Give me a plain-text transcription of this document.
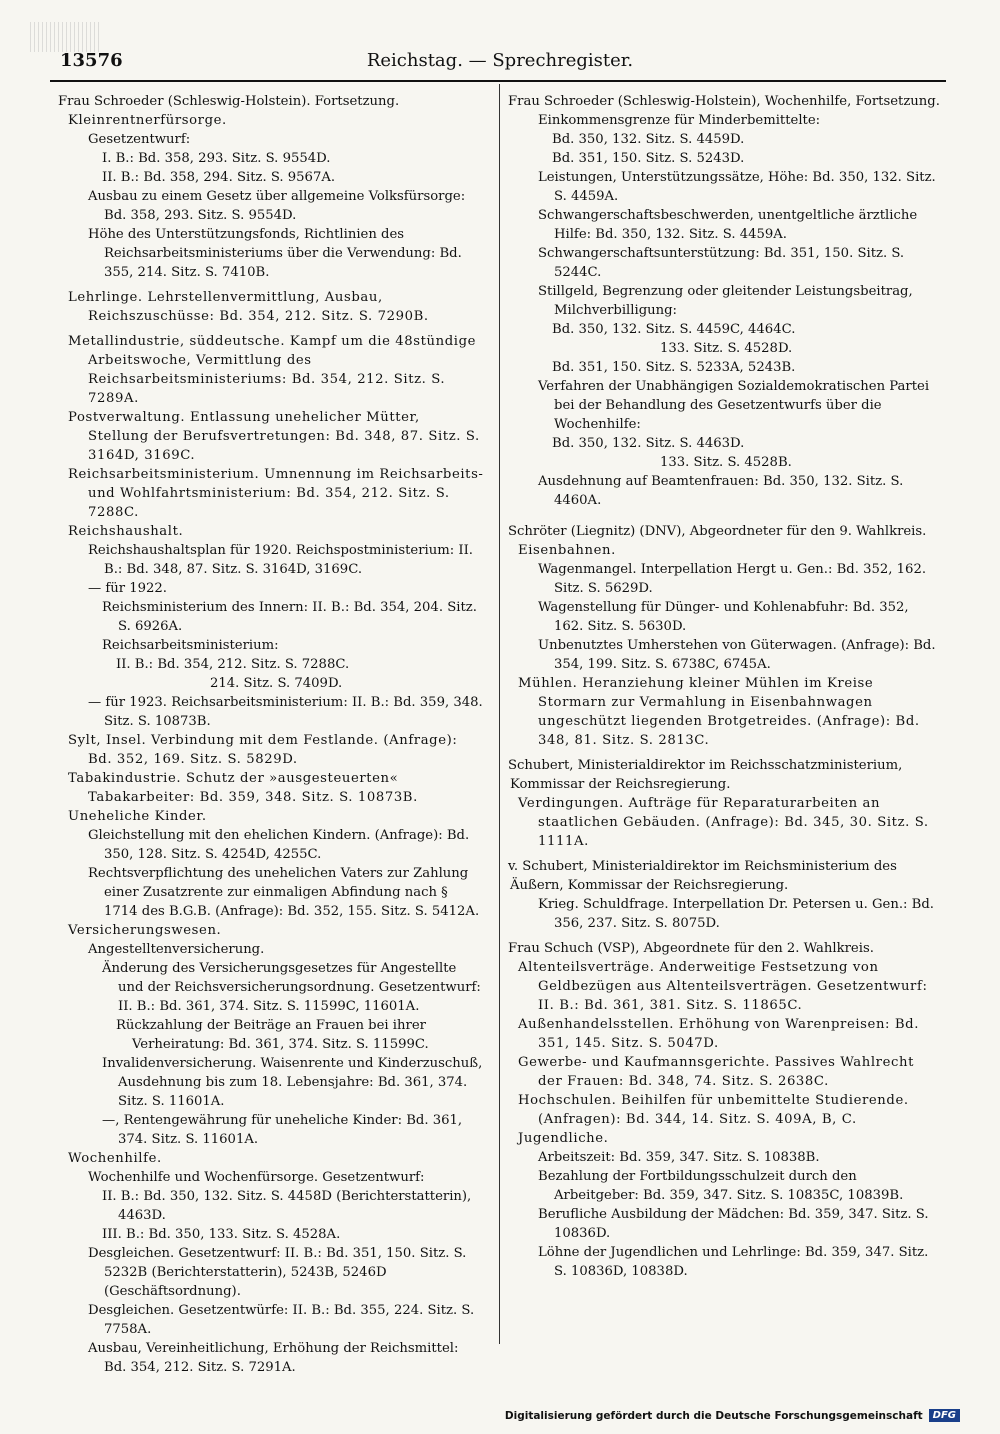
13576	Reichstag. — Sprechregister.
Frau Schroeder (Schleswig-Holstein). Fortsetzung.
Kleinrentnerfürsorge.
Gesetzentwurf:
I. B.: Bd. 358, 293. Sitz. S. 9554D.
II. B.: Bd. 358, 294. Sitz. S. 9567A.
Ausbau zu einem Gesetz über allgemeine Volksfürsorge: Bd. 358, 293. Sitz. S. 9554D.
Höhe des Unterstützungsfonds, Richtlinien des Reichsarbeitsministeriums über die Verwendung: Bd. 355, 214. Sitz. S. 7410B.
Lehrlinge. Lehrstellenvermittlung, Ausbau, Reichszuschüsse: Bd. 354, 212. Sitz. S. 7290B.
Metallindustrie, süddeutsche. Kampf um die 48stündige Arbeitswoche, Vermittlung des Reichsarbeitsministeriums: Bd. 354, 212. Sitz. S. 7289A.
Postverwaltung. Entlassung unehelicher Mütter, Stellung der Berufsvertretungen: Bd. 348, 87. Sitz. S. 3164D, 3169C.
Reichsarbeitsministerium. Umnennung im Reichsarbeits- und Wohlfahrtsministerium: Bd. 354, 212. Sitz. S. 7288C.
Reichshaushalt.
Reichshaushaltsplan für 1920. Reichspostministerium: II. B.: Bd. 348, 87. Sitz. S. 3164D, 3169C.
— für 1922.
Reichsministerium des Innern: II. B.: Bd. 354, 204. Sitz. S. 6926A.
Reichsarbeitsministerium:
II. B.: Bd. 354, 212. Sitz. S. 7288C.
214. Sitz. S. 7409D.
— für 1923. Reichsarbeitsministerium: II. B.: Bd. 359, 348. Sitz. S. 10873B.
Sylt, Insel. Verbindung mit dem Festlande. (Anfrage): Bd. 352, 169. Sitz. S. 5829D.
Tabakindustrie. Schutz der »ausgesteuerten« Tabakarbeiter: Bd. 359, 348. Sitz. S. 10873B.
Uneheliche Kinder.
Gleichstellung mit den ehelichen Kindern. (Anfrage): Bd. 350, 128. Sitz. S. 4254D, 4255C.
Rechtsverpflichtung des unehelichen Vaters zur Zahlung einer Zusatzrente zur einmaligen Abfindung nach § 1714 des B.G.B. (Anfrage): Bd. 352, 155. Sitz. S. 5412A.
Versicherungswesen.
Angestelltenversicherung.
Änderung des Versicherungsgesetzes für Angestellte und der Reichsversicherungsordnung. Gesetzentwurf: II. B.: Bd. 361, 374. Sitz. S. 11599C, 11601A.
Rückzahlung der Beiträge an Frauen bei ihrer Verheiratung: Bd. 361, 374. Sitz. S. 11599C.
Invalidenversicherung. Waisenrente und Kinderzuschuß, Ausdehnung bis zum 18. Lebensjahre: Bd. 361, 374. Sitz. S. 11601A.
—, Rentengewährung für uneheliche Kinder: Bd. 361, 374. Sitz. S. 11601A.
Wochenhilfe.
Wochenhilfe und Wochenfürsorge. Gesetzentwurf:
II. B.: Bd. 350, 132. Sitz. S. 4458D (Berichterstatterin), 4463D.
III. B.: Bd. 350, 133. Sitz. S. 4528A.
Desgleichen. Gesetzentwurf: II. B.: Bd. 351, 150. Sitz. S. 5232B (Berichterstatterin), 5243B, 5246D (Geschäftsordnung).
Desgleichen. Gesetzentwürfe: II. B.: Bd. 355, 224. Sitz. S. 7758A.
Ausbau, Vereinheitlichung, Erhöhung der Reichsmittel: Bd. 354, 212. Sitz. S. 7291A.
Frau Schroeder (Schleswig-Holstein), Wochenhilfe, Fortsetzung.
Einkommensgrenze für Minderbemittelte:
Bd. 350, 132. Sitz. S. 4459D.
Bd. 351, 150. Sitz. S. 5243D.
Leistungen, Unterstützungssätze, Höhe: Bd. 350, 132. Sitz. S. 4459A.
Schwangerschaftsbeschwerden, unentgeltliche ärztliche Hilfe: Bd. 350, 132. Sitz. S. 4459A.
Schwangerschaftsunterstützung: Bd. 351, 150. Sitz. S. 5244C.
Stillgeld, Begrenzung oder gleitender Leistungsbeitrag, Milchverbilligung:
Bd. 350, 132. Sitz. S. 4459C, 4464C.
133. Sitz. S. 4528D.
Bd. 351, 150. Sitz. S. 5233A, 5243B.
Verfahren der Unabhängigen Sozialdemokratischen Partei bei der Behandlung des Gesetzentwurfs über die Wochenhilfe:
Bd. 350, 132. Sitz. S. 4463D.
133. Sitz. S. 4528B.
Ausdehnung auf Beamtenfrauen: Bd. 350, 132. Sitz. S. 4460A.
Schröter (Liegnitz) (DNV), Abgeordneter für den 9. Wahlkreis.
Eisenbahnen.
Wagenmangel. Interpellation Hergt u. Gen.: Bd. 352, 162. Sitz. S. 5629D.
Wagenstellung für Dünger- und Kohlenabfuhr: Bd. 352, 162. Sitz. S. 5630D.
Unbenutztes Umherstehen von Güterwagen. (Anfrage): Bd. 354, 199. Sitz. S. 6738C, 6745A.
Mühlen. Heranziehung kleiner Mühlen im Kreise Stormarn zur Vermahlung in Eisenbahnwagen ungeschützt liegenden Brotgetreides. (Anfrage): Bd. 348, 81. Sitz. S. 2813C.
Schubert, Ministerialdirektor im Reichsschatzministerium, Kommissar der Reichsregierung.
Verdingungen. Aufträge für Reparaturarbeiten an staatlichen Gebäuden. (Anfrage): Bd. 345, 30. Sitz. S. 1111A.
v. Schubert, Ministerialdirektor im Reichsministerium des Äußern, Kommissar der Reichsregierung.
Krieg. Schuldfrage. Interpellation Dr. Petersen u. Gen.: Bd. 356, 237. Sitz. S. 8075D.
Frau Schuch (VSP), Abgeordnete für den 2. Wahlkreis.
Altenteilsverträge. Anderweitige Festsetzung von Geldbezügen aus Altenteilsverträgen. Gesetzentwurf: II. B.: Bd. 361, 381. Sitz. S. 11865C.
Außenhandelsstellen. Erhöhung von Warenpreisen: Bd. 351, 145. Sitz. S. 5047D.
Gewerbe- und Kaufmannsgerichte. Passives Wahlrecht der Frauen: Bd. 348, 74. Sitz. S. 2638C.
Hochschulen. Beihilfen für unbemittelte Studierende. (Anfragen): Bd. 344, 14. Sitz. S. 409A, B, C.
Jugendliche.
Arbeitszeit: Bd. 359, 347. Sitz. S. 10838B.
Bezahlung der Fortbildungsschulzeit durch den Arbeitgeber: Bd. 359, 347. Sitz. S. 10835C, 10839B.
Berufliche Ausbildung der Mädchen: Bd. 359, 347. Sitz. S. 10836D.
Löhne der Jugendlichen und Lehrlinge: Bd. 359, 347. Sitz. S. 10836D, 10838D.
Digitalisierung gefördert durch die Deutsche Forschungsgemeinschaft	DFG
